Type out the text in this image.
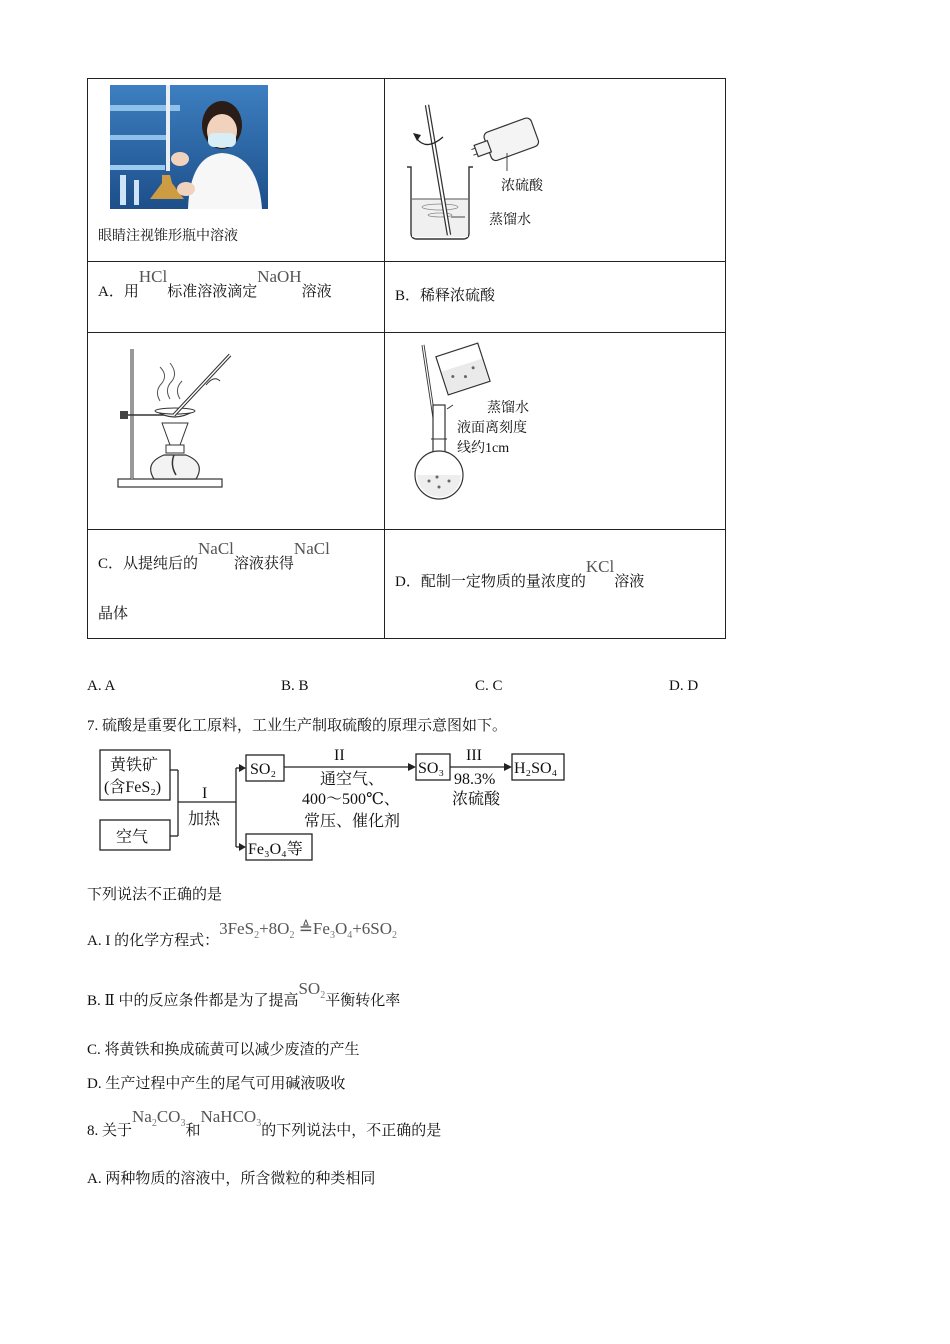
眼睛注视锥形瓶中溶液	浓硫酸
蒸馏水

A．用HCl标准溶液滴定NaOH溶液	B．稀释浓硫酸

蒸馏水
液面离刻度
线约1cm

C．从提纯后的NaCl溶液获得NaCl
晶体	D．配制一定物质的量浓度的KCl溶液
A. A	B. B	C. C	D. D
7. 硫酸是重要化工原料，工业生产制取硫酸的原理示意图如下。
黄铁矿
(含FeS₂)
空气
I
加热
SO₂
Fe₃O₄等
II
通空气、
400～500℃、
常压、催化剂
SO₃
III
98.3%
浓硫酸
H₂SO₄
下列说法不正确的是
A. I 的化学方程式：$3FeS_2+8O_2$ $≜Fe_3O_4+6SO_2$
B. Ⅱ 中的反应条件都是为了提高$SO_2$平衡转化率
C. 将黄铁和换成硫黄可以减少废渣的产生
D. 生产过程中产生的尾气可用碱液吸收
8. 关于$Na_2CO_3$和NaHCO$_3$的下列说法中，不正确的是
A. 两种物质的溶液中，所含微粒的种类相同
